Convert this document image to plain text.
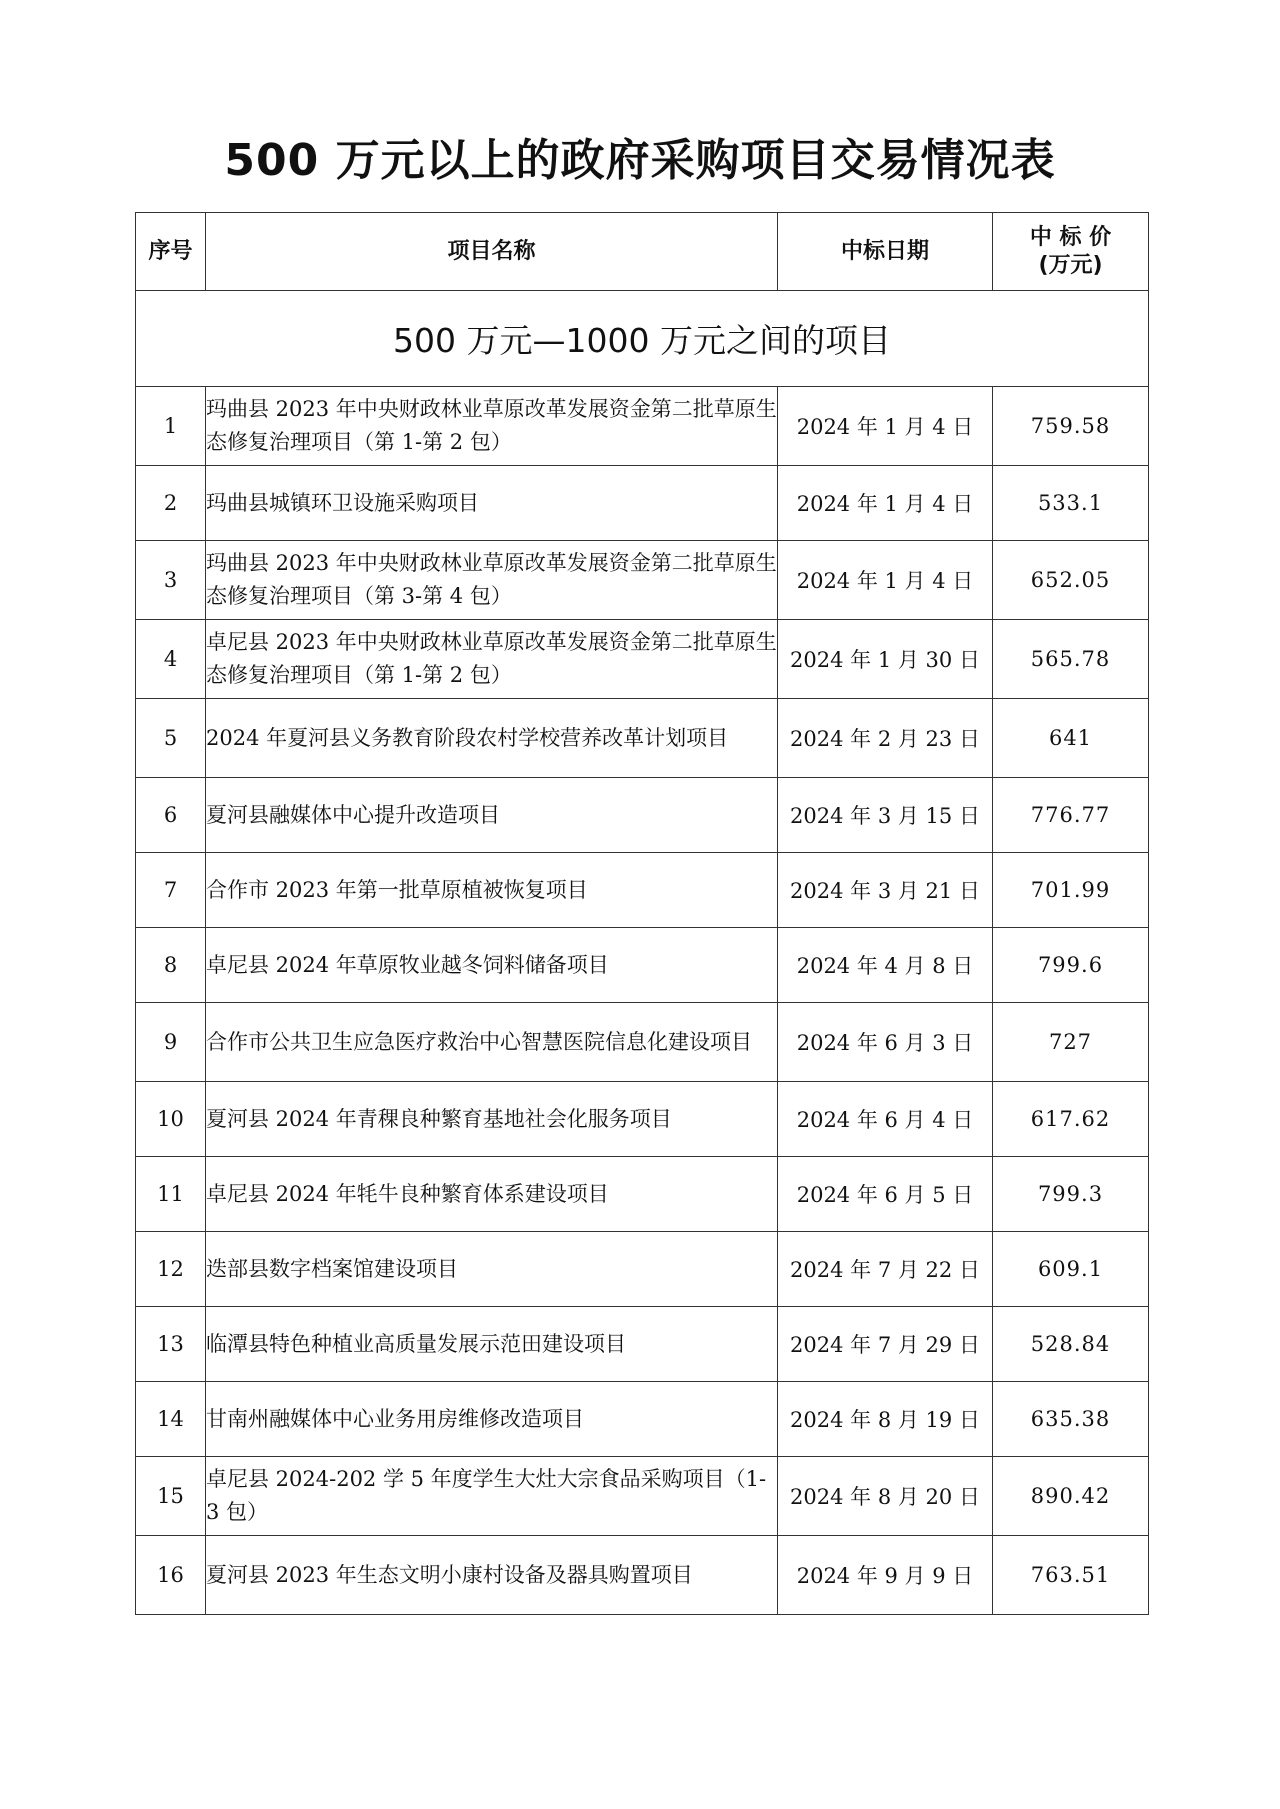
500 万元以上的政府采购项目交易情况表
序号	项目名称	中标日期	中 标 价
(万元)

500 万元—1000 万元之间的项目			
1	玛曲县 2023 年中央财政林业草原改革发展资金第二批草原生态修复治理项目（第 1-第 2 包）	2024 年 1 月 4 日	759.58
2	玛曲县城镇环卫设施采购项目	2024 年 1 月 4 日	533.1
3	玛曲县 2023 年中央财政林业草原改革发展资金第二批草原生态修复治理项目（第 3-第 4 包）	2024 年 1 月 4 日	652.05
4	卓尼县 2023 年中央财政林业草原改革发展资金第二批草原生态修复治理项目（第 1-第 2 包）	2024 年 1 月 30 日	565.78
5	2024 年夏河县义务教育阶段农村学校营养改革计划项目	2024 年 2 月 23 日	641
6	夏河县融媒体中心提升改造项目	2024 年 3 月 15 日	776.77
7	合作市 2023 年第一批草原植被恢复项目	2024 年 3 月 21 日	701.99
8	卓尼县 2024 年草原牧业越冬饲料储备项目	2024 年 4 月 8 日	799.6
9	合作市公共卫生应急医疗救治中心智慧医院信息化建设项目	2024 年 6 月 3 日	727
10	夏河县 2024 年青稞良种繁育基地社会化服务项目	2024 年 6 月 4 日	617.62
11	卓尼县 2024 年牦牛良种繁育体系建设项目	2024 年 6 月 5 日	799.3
12	迭部县数字档案馆建设项目	2024 年 7 月 22 日	609.1
13	临潭县特色种植业高质量发展示范田建设项目	2024 年 7 月 29 日	528.84
14	甘南州融媒体中心业务用房维修改造项目	2024 年 8 月 19 日	635.38
15	卓尼县 2024-202 学 5 年度学生大灶大宗食品采购项目（1-3 包）	2024 年 8 月 20 日	890.42
16	夏河县 2023 年生态文明小康村设备及器具购置项目	2024 年 9 月 9 日	763.51
